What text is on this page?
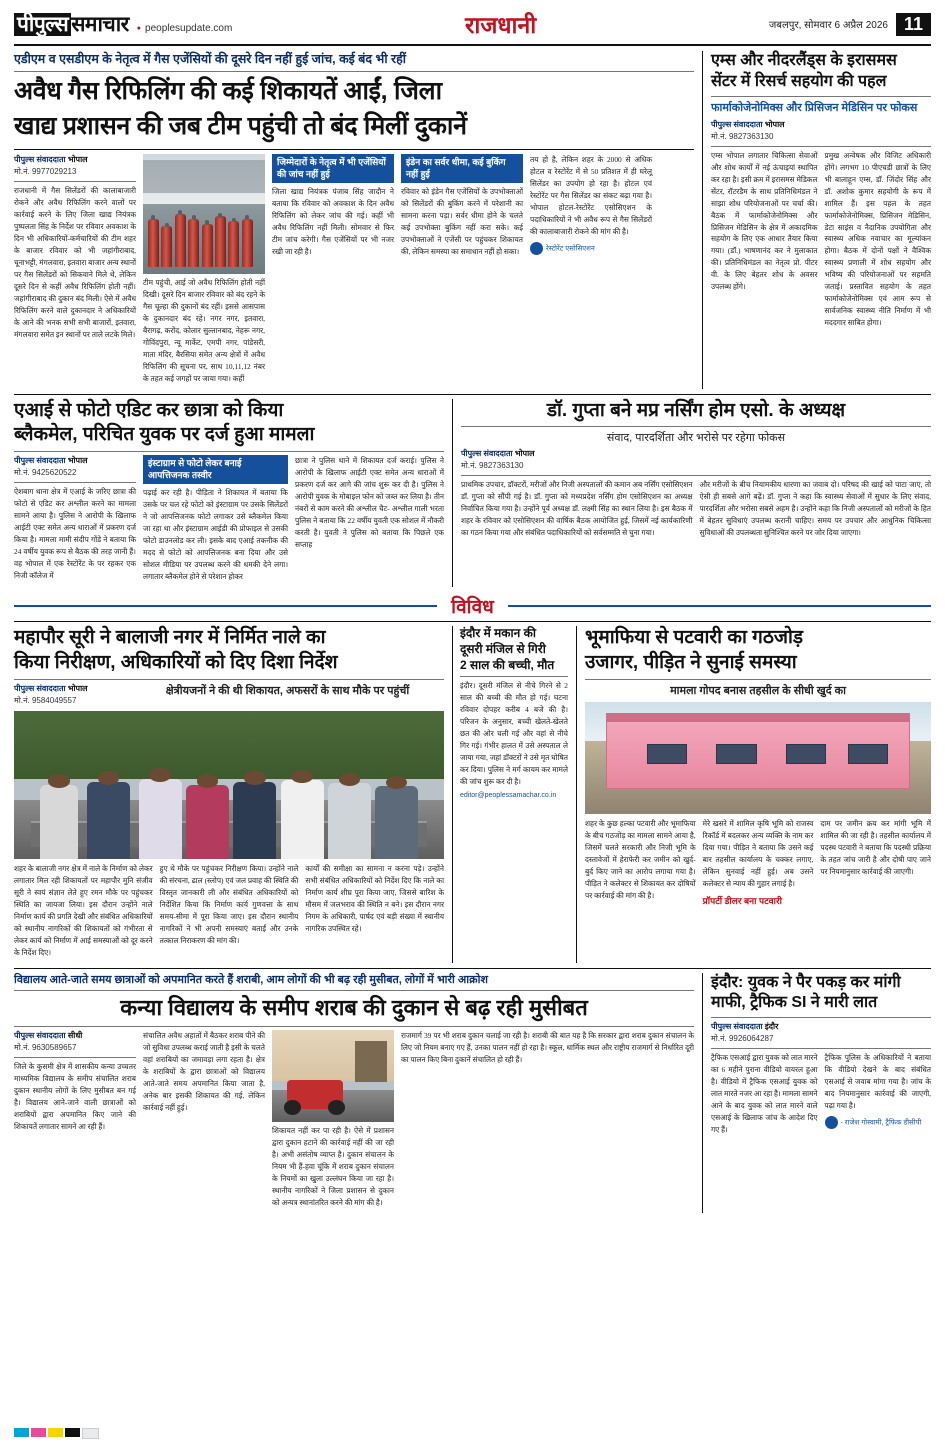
पीपुल्स समाचार	● peoplesupdate.com	राजधानी	जबलपुर, सोमवार 6 अप्रैल 2026 11
एडीएम व एसडीएम के नेतृत्व में गैस एजेंसियों की दूसरे दिन नहीं हुई जांच, कई बंद भी रहीं
अवैध गैस रिफिलिंग की कई शिकायतें आईं, जिला
खाद्य प्रशासन की जब टीम पहुंची तो बंद मिलीं दुकानें
पीपुल्स संवाददाता भोपाल
मो.नं. 9977029213

राजधानी में गैस सिलेंडरों की कालाबाजारी रोकने और अवैध रिफिलिंग करने वालों पर कार्रवाई करने के लिए जिला खाद्य नियंत्रक पुष्पलता सिंह के निर्देश पर रविवार अवकाश के दिन भी अधिकारियों-कर्मचारियों की टीम शहर के बाजार रविवार को भी जहांगीराबाद, चूनाभट्टी, मंगलवारा, इतवारा बाजार अन्य स्थानों पर गैस सिलेंडरों को सिकवाने मिले थे, लेकिन दूसरे दिन से कहीं अवैध रिफिलिंग होती नहीं। जहांगीराबाद की दुकान बंद मिली। ऐसे में अवैध रिफिलिंग करने वाले दुकानदार ने अधिकारियों के आने की भनक सभी सभी बाजारों, इतवारा, मंगलवारा समेत इन स्थानों पर ताले लटके मिले।

टीम पहुंची, आई जो अवैध रिफिलिंग होती नहीं दिखी। दूसरे दिन बाजार रविवार को बंद रहने के गैस चूल्हा की दुकानों बंद रहीं। इससे आसपास के दुकानदार बंद रहे। नगर नगर, इतवारा, बैरागढ़, करोंद, कोलार सुल्तानबाद, नेहरू नगर, गोविंदपुरा, न्यू मार्केट, एमपी नगर, पांडेसरी, माता मंदिर, बैरसिया समेत अन्य क्षेत्रों में अवैध रिफिलिंग की सूचना पर, साथ 10,11,12 नंबर के तहत कई जगहों पर जाया गया। कहीं

जिम्मेदारों के नेतृत्व में भी एजेंसियों की जांच नहीं हुई

जिला खाद्य नियंत्रक पंजाब सिंह जादौन ने बताया कि रविवार को अवकाश के दिन अवैध रिफिलिंग को लेकर जांच की गई। कहीं भी अवैध रिफिलिंग नहीं मिली। सोमवार से फिर टीम जांच करेगी। गैस एजेंसियों पर भी नजर रखी जा रही है।

इंडेन का सर्वर धीमा, कई बुकिंग नहीं हुई

रविवार को इंडेन गैस एजेंसियों के उपभोक्ताओं को सिलेंडरों की बुकिंग करने में परेशानी का सामना करना पड़ा। सर्वर धीमा होने के चलते कई उपभोक्ता बुकिंग नहीं करा सके। कई उपभोक्ताओं ने एजेंसी पर पहुंचकर शिकायत की, लेकिन समस्या का समाधान नहीं हो सका।

तय हो है, लेकिन शहर के 2000 से अधिक होटल व रेस्टोरेंट में से 50 प्रतिशत में ही घरेलू सिलेंडर का उपयोग हो रहा है। होटल एवं रेस्टोरेंट पर गैस सिलेंडर का संकट बढ़ा गया है। भोपाल होटल-रेस्टोरेंट एसोसिएशन के पदाधिकारियों ने भी अवैध रूप से गैस सिलेंडरों की कालाबाजारी रोकने की मांग की है।

रेस्टोरेंट एसोसिएशन
एम्स और नीदरलैंड्स के इरासमस
सेंटर में रिसर्च सहयोग की पहल
फार्माकोजेनोमिक्स और प्रिसिजन मेडिसिन पर फोकस
पीपुल्स संवाददाता भोपाल
मो.नं. 9827363130

एम्स भोपाल लगातार चिकित्सा सेवाओं और शोध कार्यों में नई ऊंचाइयां स्थापित कर रहा है। इसी क्रम में इरासमस मेडिकल सेंटर, रॉटरडैम के साथ प्रतिनिधिमंडल ने साझा शोध परियोजनाओं पर चर्चा की। बैठक में फार्माकोजेनोमिक्स और प्रिसिजन मेडिसिन के क्षेत्र में अकादमिक सहयोग के लिए एक आधार तैयार किया गया। (डॉ.) भाषणानंद कर ने मुलाकात की। प्रतिनिधिमंडल का नेतृत्व प्रो. पीटर वी. के लिए बेहतर शोध के अवसर उपलब्ध होंगे।

प्रमुख अन्वेषक और विजिट अधिकारी होंगे। लगभग 10 पीएचडी छात्रों के लिए भी बालाहून एम्स, डॉ. जिंदोर सिंह और डॉ. अशोक कुमार सहयोगी के रूप में शामिल हैं। इस पहल के तहत फार्माकोजेनोमिक्स, प्रिसिजन मेडिसिन, डेटा साइंस व नैदानिक उपयोगिता और स्वास्थ्य अधिक नवाचार का मूल्यांकन होगा। बैठक में दोनों पक्षों ने वैश्विक स्वास्थ्य प्रणाली में शोध सहयोग और भविष्य की परियोजनाओं पर सहमति जताई। प्रस्तावित सहयोग के तहत फार्माकोजेनोमिक्स एवं आम रूप से सार्वजनिक स्वास्थ्य नीति निर्माण में भी मददगार साबित होगा।

एआई से फोटो एडिट कर छात्रा को किया
ब्लैकमेल, परिचित युवक पर दर्ज हुआ मामला
पीपुल्स संवाददाता भोपाल
मो.नं. 9425620522

ऐशबाग थाना क्षेत्र में एआई के जरिए छात्रा की फोटो से एडिट कर अश्लील करने का मामला सामने आया है। पुलिस ने आरोपी के खिलाफ आईटी एक्ट समेत अन्य धाराओं में प्रकरण दर्ज किया है। मामला मामी संदीप गोंडे ने बताया कि 24 वर्षीय युवक रूप से बैठक की तरह जानी हैं। वह भोपाल में एक रेस्टोरेंट के पर रहकर एक निजी कॉलेज में

इंस्टाग्राम से फोटो लेकर बनाई आपत्तिजनक तस्वीर

पढ़ाई कर रही है। पीड़िता ने शिकायत में बताया कि उसके पर चल रहे फोटो को इंस्टाग्राम पर उसके सिलेंडरों ने जो आपत्तिजनक फोटो लगाकर उसे ब्लैकमेल किया जा रहा था और इंस्टाग्राम आईडी की प्रोफाइल से उसकी फोटो डाउनलोड कर ली। इसके बाद एआई तकनीक की मदद से फोटो को आपत्तिजनक बना दिया और उसे सोशल मीडिया पर उपलब्ध करने की धमकी देने लगा। लगातार ब्लैकमेल होने से परेशान होकर

छात्रा ने पुलिस थाने में शिकायत दर्ज कराई। पुलिस ने आरोपी के खिलाफ आईटी एक्ट समेत अन्य धाराओं में प्रकरण दर्ज कर आगे की जांच शुरू कर दी है। पुलिस ने आरोपी युवक के मोबाइल फोन को जब्त कर लिया है। तीन नंबरों से काम करने की अश्लील चैट- अश्लील गाली भरता पुलिस ने बताया कि 22 वर्षीय युवती एक सोशल में नौकरी करती है। युवती ने पुलिस को बताया कि पिछले एक सप्ताह

डॉ. गुप्ता बने मप्र नर्सिंग होम एसो. के अध्यक्ष
संवाद, पारदर्शिता और भरोसे पर रहेगा फोकस
पीपुल्स संवाददाता भोपाल
मो.नं. 9827363130

प्राथमिक उपचार, डॉक्टरों, मरीजों और निजी अस्पतालों की कमान अब नर्सिंग एसोसिएशन डॉ. गुप्ता को सौंपी गई है। डॉ. गुप्ता को मध्यप्रदेश नर्सिंग होम एसोसिएशन का अध्यक्ष निर्वाचित किया गया है। उन्होंने पूर्व अध्यक्ष डॉ. लक्ष्मी सिंह का स्थान लिया है। इस बैठक में शहर के रविवार को एसोसिएशन की वार्षिक बैठक आयोजित हुई, जिसमें नई कार्यकारिणी का गठन किया गया और संबंधित पदाधिकारियों को सर्वसम्मति से चुना गया।

और मरीजों के बीच नियामकीय धारणा का जवाब दो। परिषद की खाई को पाटा जाए, तो ऐसी ही सबसे आगे बढ़ें। डॉ. गुप्ता ने कहा कि स्वास्थ्य सेवाओं में सुधार के लिए संवाद, पारदर्शिता और भरोसा सबसे अहम है। उन्होंने कहा कि निजी अस्पतालों को मरीजों के हित में बेहतर सुविधाएं उपलब्ध करानी चाहिए। समय पर उपचार और आधुनिक चिकित्सा सुविधाओं की उपलब्धता सुनिश्चित करने पर जोर दिया जाएगा।

विविध
महापौर सूरी ने बालाजी नगर में निर्मित नाले का
किया निरीक्षण, अधिकारियों को दिए दिशा निर्देश
पीपुल्स संवाददाता भोपाल
मो.नं. 9584049557
क्षेत्रीयजनों ने की थी शिकायत, अफसरों के साथ मौके पर पहुंचीं

शहर के बालाजी नगर क्षेत्र में नाले के निर्माण को लेकर लगातार मिल रही शिकायतों पर महापौर मुनि संजीव सूरी ने स्वयं संज्ञान लेते हुए रमन मौके पर पहुंचकर स्थिति का जायजा लिया। इस दौरान उन्होंने नाले निर्माण कार्य की प्रगति देखी और संबंधित अधिकारियों को स्थानीय नागरिकों की शिकायतों को गंभीरता से लेकर कार्य को निर्माण में आई समस्याओं को दूर करने के निर्देश दिए।

हुए थे मौके पर पहुंचकर निरीक्षण किया। उन्होंने नाले की संरचना, ढाल (स्लोप) एवं जल प्रवाह की स्थिति की विस्तृत जानकारी ली और संबंधित अधिकारियों को निर्देशित किया कि निर्माण कार्य गुणवत्ता के साथ समय-सीमा में पूरा किया जाए। इस दौरान स्थानीय नागरिकों ने भी अपनी समस्याएं बताईं और उनके तत्काल निराकरण की मांग की।

कार्यों की समीक्षा का सामना न करना पड़े। उन्होंने सभी संबंधित अधिकारियों को निर्देश दिए कि नाले का निर्माण कार्य शीघ्र पूरा किया जाए, जिससे बारिश के मौसम में जलभराव की स्थिति न बने। इस दौरान नगर निगम के अधिकारी, पार्षद एवं बड़ी संख्या में स्थानीय नागरिक उपस्थित रहे।

इंदौर में मकान की
दूसरी मंजिल से गिरी
2 साल की बच्ची, मौत

इंदौर। दूसरी मंजिल से नीचे गिरने से 2 साल की बच्ची की मौत हो गई। घटना रविवार दोपहर करीब 4 बजे की है। परिजन के अनुसार, बच्ची खेलते-खेलते छत की ओर चली गई और वहां से नीचे गिर गई। गंभीर हालत में उसे अस्पताल ले जाया गया, जहां डॉक्टरों ने उसे मृत घोषित कर दिया। पुलिस ने मर्ग कायम कर मामले की जांच शुरू कर दी है।

editor@peoplessamachar.co.in
भूमाफिया से पटवारी का गठजोड़
उजागर, पीड़ित ने सुनाई समस्या
मामला गोपद बनास तहसील के सीधी खुर्द का

शहर के कुछ हल्का पटवारी और भूमाफिया के बीच गठजोड़ का मामला सामने आया है, जिसमें चलते सरकारी और निजी भूमि के दस्तावेजों में हेराफेरी कर जमीन को खुर्द-बुर्द किए जाने का आरोप लगाया गया है। पीड़ित ने कलेक्टर से शिकायत कर दोषियों पर कार्रवाई की मांग की है।

मेरे खसरे में शामिल कृषि भूमि को राजस्व रिकॉर्ड में बदलकर अन्य व्यक्ति के नाम कर दिया गया। पीड़ित ने बताया कि उसने कई बार तहसील कार्यालय के चक्कर लगाए, लेकिन सुनवाई नहीं हुई। अब उसने कलेक्टर से न्याय की गुहार लगाई है।

प्रॉपर्टी डीलर बना पटवारी

दाम पर जमीन क्रय कर मांगी भूमि में शामिल की जा रही है। तहसील कार्यालय में पदस्थ पटवारी ने बताया कि पदस्थी प्रक्रिया के तहत जांच जारी है और दोषी पाए जाने पर नियमानुसार कार्रवाई की जाएगी।

विद्यालय आते-जाते समय छात्राओं को अपमानित करते हैं शराबी, आम लोगों की भी बढ़ रही मुसीबत, लोगों में भारी आक्रोश
कन्या विद्यालय के समीप शराब की दुकान से बढ़ रही मुसीबत
पीपुल्स संवाददाता सीधी
मो.नं. 9630589657

जिले के कुसमी क्षेत्र में शासकीय कन्या उच्चतर माध्यमिक विद्यालय के समीप संचालित शराब दुकान स्थानीय लोगों के लिए मुसीबत बन गई है। विद्यालय आने-जाने वाली छात्राओं को शराबियों द्वारा अपमानित किए जाने की शिकायतें लगातार सामने आ रही हैं।

संचालित अवैध अहातों में बैठकर शराब पीने की जो सुविधा उपलब्ध कराई जाती है इसी के चलते वहां शराबियों का जमावड़ा लगा रहता है। क्षेत्र के शराबियों के द्वारा छात्राओं को विद्यालय आते-जाते समय अपमानित किया जाता है, अनेक बार इसकी शिकायत की गई, लेकिन कार्रवाई नहीं हुई।

शिकायत नहीं कर पा रही है। ऐसे में प्रशासन द्वारा दुकान हटाने की कार्रवाई नहीं की जा रही है। अभी असंतोष व्याप्त है। दुकान संचालन के नियम भी हैं-हवा चूंकि में शराब दुकान संचालन के नियमों का खुला उल्लंघन किया जा रहा है। स्थानीय नागरिकों ने जिला प्रशासन से दुकान को अन्यत्र स्थानांतरित करने की मांग की है।

राजमार्ग 39 पर भी शराब दुकान चलाई जा रही है। शराबी की बात यह है कि सरकार द्वारा शराब दुकान संचालन के लिए जो नियम बनाए गए हैं, उनका पालन नहीं हो रहा है। स्कूल, धार्मिक स्थल और राष्ट्रीय राजमार्ग से निर्धारित दूरी का पालन किए बिना दुकानें संचालित हो रही हैं।

इंदौर: युवक ने पैर पकड़ कर मांगी
माफी, ट्रैफिक SI ने मारी लात
पीपुल्स संवाददाता इंदौर
मो.नं. 9926064287

ट्रैफिक एसआई द्वारा युवक को लात मारने का 6 महीने पुराना वीडियो वायरल हुआ है। वीडियो में ट्रैफिक एसआई युवक को लात मारते नजर आ रहा है। मामला सामने आने के बाद युवक को लात मारने वाले एसआई के खिलाफ जांच के आदेश दिए गए हैं।

ट्रैफिक पुलिस के अधिकारियों ने बताया कि वीडियो देखने के बाद संबंधित एसआई से जवाब मांगा गया है। जांच के बाद नियमानुसार कार्रवाई की जाएगी, पढ़ा गया है।

- राजेश गोस्वामी, ट्रैफिक डीसीपी
